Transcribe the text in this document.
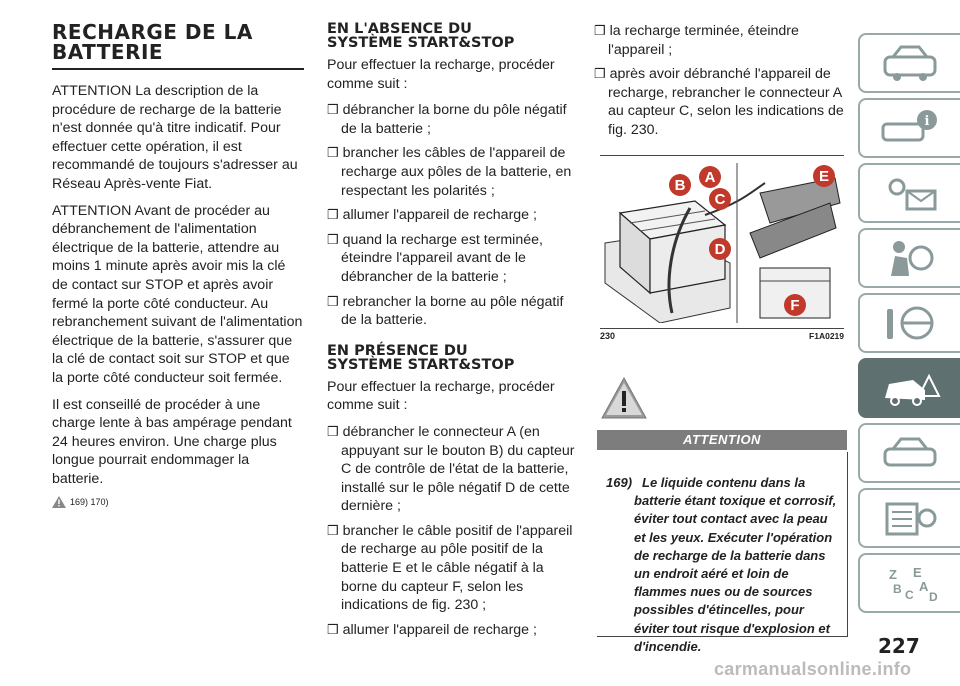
RECHARGE DE LA
BATTERIE

ATTENTION La description de la procédure de recharge de la batterie n'est donnée qu'à titre indicatif. Pour effectuer cette opération, il est recommandé de toujours s'adresser au Réseau Après-vente Fiat.

ATTENTION Avant de procéder au débranchement de l'alimentation électrique de la batterie, attendre au moins 1 minute après avoir mis la clé de contact sur STOP et après avoir fermé la porte côté conducteur. Au rebranchement suivant de l'alimentation électrique de la batterie, s'assurer que la clé de contact soit sur STOP et que la porte côté conducteur soit fermée.

Il est conseillé de procéder à une charge lente à bas ampérage pendant 24 heures environ. Une charge plus longue pourrait endommager la batterie.

169) 170)
EN L'ABSENCE DU
SYSTÈME START&STOP

Pour effectuer la recharge, procéder comme suit :

❒ débrancher la borne du pôle négatif de la batterie ;

❒ brancher les câbles de l'appareil de recharge aux pôles de la batterie, en respectant les polarités ;

❒ allumer l'appareil de recharge ;

❒ quand la recharge est terminée, éteindre l'appareil avant de le débrancher de la batterie ;

❒ rebrancher la borne au pôle négatif de la batterie.

EN PRÉSENCE DU
SYSTÈME START&STOP

Pour effectuer la recharge, procéder comme suit :

❒ débrancher le connecteur A (en appuyant sur le bouton B) du capteur C de contrôle de l'état de la batterie, installé sur le pôle négatif D de cette dernière ;

❒ brancher le câble positif de l'appareil de recharge au pôle positif de la batterie E et le câble négatif à la borne du capteur F, selon les indications de fig. 230 ;

❒ allumer l'appareil de recharge ;

❒ la recharge terminée, éteindre l'appareil ;

❒ après avoir débranché l'appareil de recharge, rebrancher le connecteur A au capteur C, selon les indications de fig. 230.

B A
C
D
E
F
230	F1A0219
ATTENTION
169) Le liquide contenu dans la batterie étant toxique et corrosif, éviter tout contact avec la peau et les yeux. Exécuter l'opération de recharge de la batterie dans un endroit aéré et loin de flammes nues ou de sources possibles d'étincelles, pour éviter tout risque d'explosion et d'incendie.	227
carmanualsonline.info
i
Z E
A
B C D
